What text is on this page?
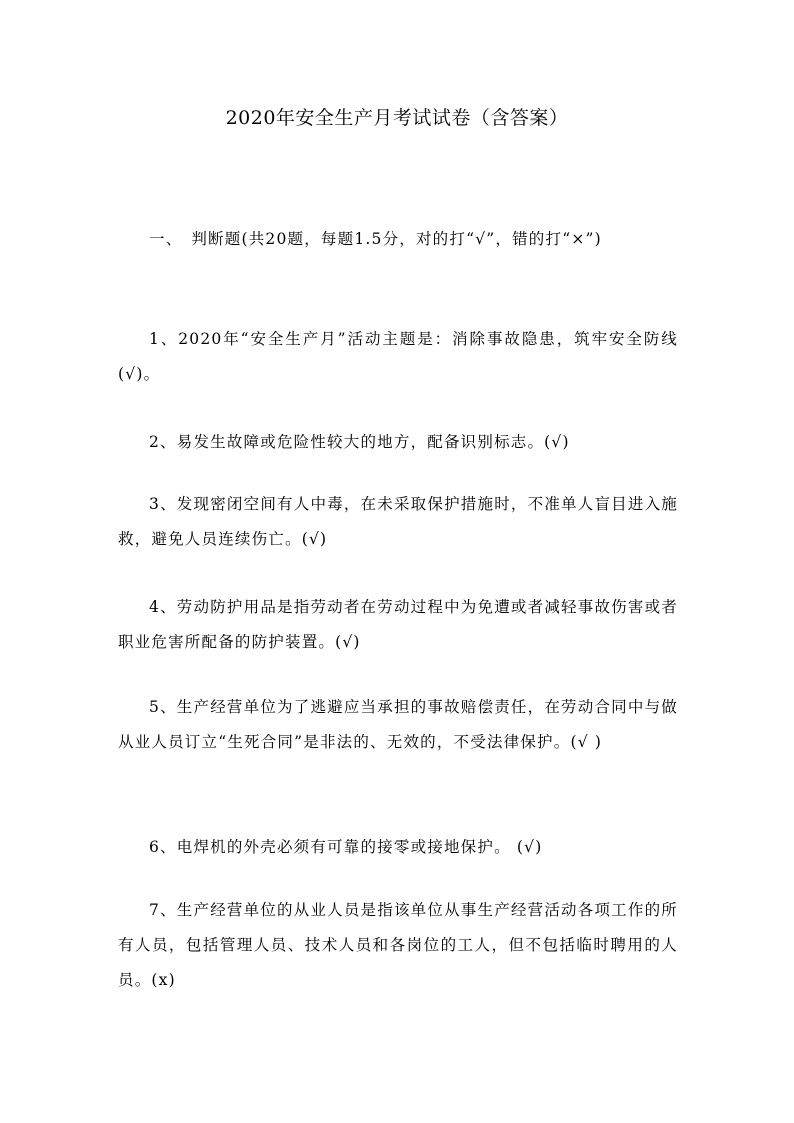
2020年安全生产月考试试卷（含答案）
一、　判断题(共20题，每题1.5分，对的打“√”，错的打“×”)
1、2020年“安全生产月”活动主题是：消除事故隐患，筑牢安全防线(√)。
2、易发生故障或危险性较大的地方，配备识别标志。(√)
3、发现密闭空间有人中毒，在未采取保护措施时，不准单人盲目进入施救，避免人员连续伤亡。(√)
4、劳动防护用品是指劳动者在劳动过程中为免遭或者减轻事故伤害或者职业危害所配备的防护装置。(√)
5、生产经营单位为了逃避应当承担的事故赔偿责任，在劳动合同中与做从业人员订立“生死合同”是非法的、无效的，不受法律保护。(√ )
6、电焊机的外壳必须有可靠的接零或接地保护。 (√)
7、生产经营单位的从业人员是指该单位从事生产经营活动各项工作的所有人员，包括管理人员、技术人员和各岗位的工人，但不包括临时聘用的人员。(x)
